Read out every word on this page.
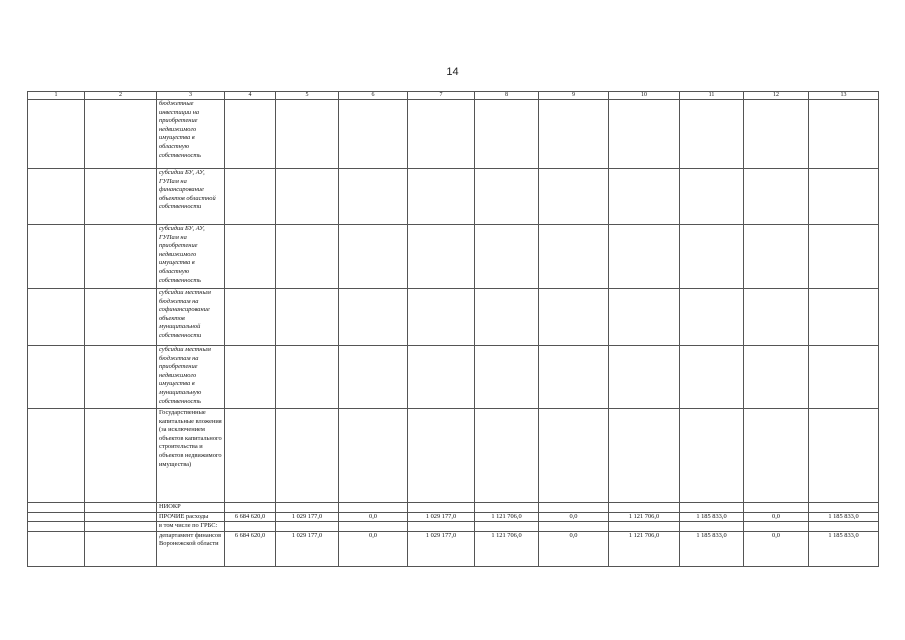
14
1	2	3	4	5	6	7	8	9	10	11	12	13
		бюджетные инвестиции на приобретение недвижимого имущества в областную собственность										
		субсидии БУ, АУ, ГУПам на финансирование объектов областной собственности										
		субсидии БУ, АУ, ГУПам на приобретение недвижимого имущества в областную собственность										
		субсидии местным бюджетам на софинансирование объектов муниципальной собственности										
		субсидии местным бюджетам на приобретение недвижимого имущества в муниципальную собственность										
		Государственные капитальные вложения (за исключением объектов капитального строительства и объектов недвижимого имущества)										
		НИОКР										
		ПРОЧИЕ расходы	6 684 620,0	1 029 177,0	0,0	1 029 177,0	1 121 706,0	0,0	1 121 706,0	1 185 833,0	0,0	1 185 833,0
		в том числе по ГРБС:										
		департамент финансов Воронежской области	6 684 620,0	1 029 177,0	0,0	1 029 177,0	1 121 706,0	0,0	1 121 706,0	1 185 833,0	0,0	1 185 833,0
